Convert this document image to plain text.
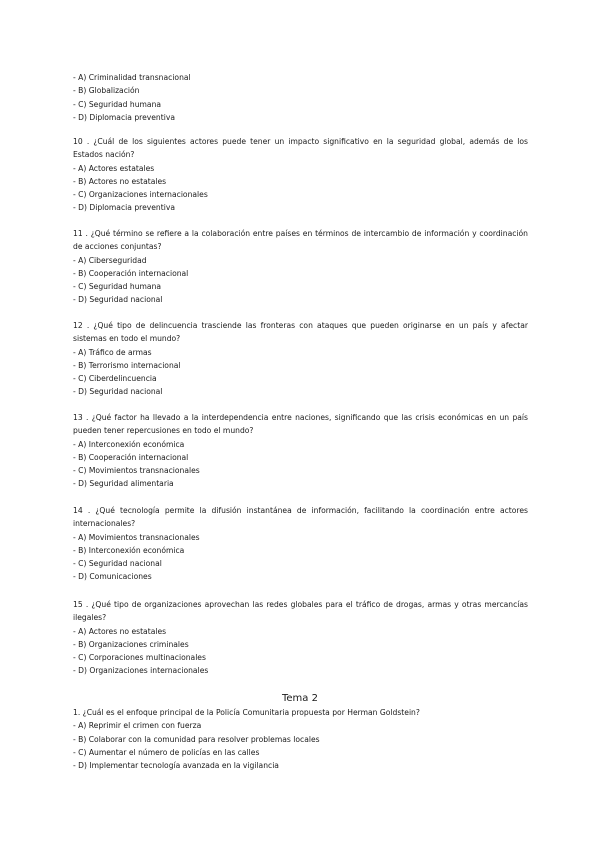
- A) Criminalidad transnacional
- B) Globalización
- C) Seguridad humana
- D) Diplomacia preventiva
10 . ¿Cuál de los siguientes actores puede tener un impacto significativo en la seguridad global, además de los Estados nación?
- A) Actores estatales
- B) Actores no estatales
- C) Organizaciones internacionales
- D) Diplomacia preventiva
11 . ¿Qué término se refiere a la colaboración entre países en términos de intercambio de información y coordinación de acciones conjuntas?
- A) Ciberseguridad
- B) Cooperación internacional
- C) Seguridad humana
- D) Seguridad nacional
12 . ¿Qué tipo de delincuencia trasciende las fronteras con ataques que pueden originarse en un país y afectar sistemas en todo el mundo?
- A) Tráfico de armas
- B) Terrorismo internacional
- C) Ciberdelincuencia
- D) Seguridad nacional
13 . ¿Qué factor ha llevado a la interdependencia entre naciones, significando que las crisis económicas en un país pueden tener repercusiones en todo el mundo?
- A) Interconexión económica
- B) Cooperación internacional
- C) Movimientos transnacionales
- D) Seguridad alimentaria
14 . ¿Qué tecnología permite la difusión instantánea de información, facilitando la coordinación entre actores internacionales?
- A) Movimientos transnacionales
- B) Interconexión económica
- C) Seguridad nacional
- D) Comunicaciones
15 . ¿Qué tipo de organizaciones aprovechan las redes globales para el tráfico de drogas, armas y otras mercancías ilegales?
- A) Actores no estatales
- B) Organizaciones criminales
- C) Corporaciones multinacionales
- D) Organizaciones internacionales
Tema 2
1. ¿Cuál es el enfoque principal de la Policía Comunitaria propuesta por Herman Goldstein?
- A) Reprimir el crimen con fuerza
- B) Colaborar con la comunidad para resolver problemas locales
- C) Aumentar el número de policías en las calles
- D) Implementar tecnología avanzada en la vigilancia
